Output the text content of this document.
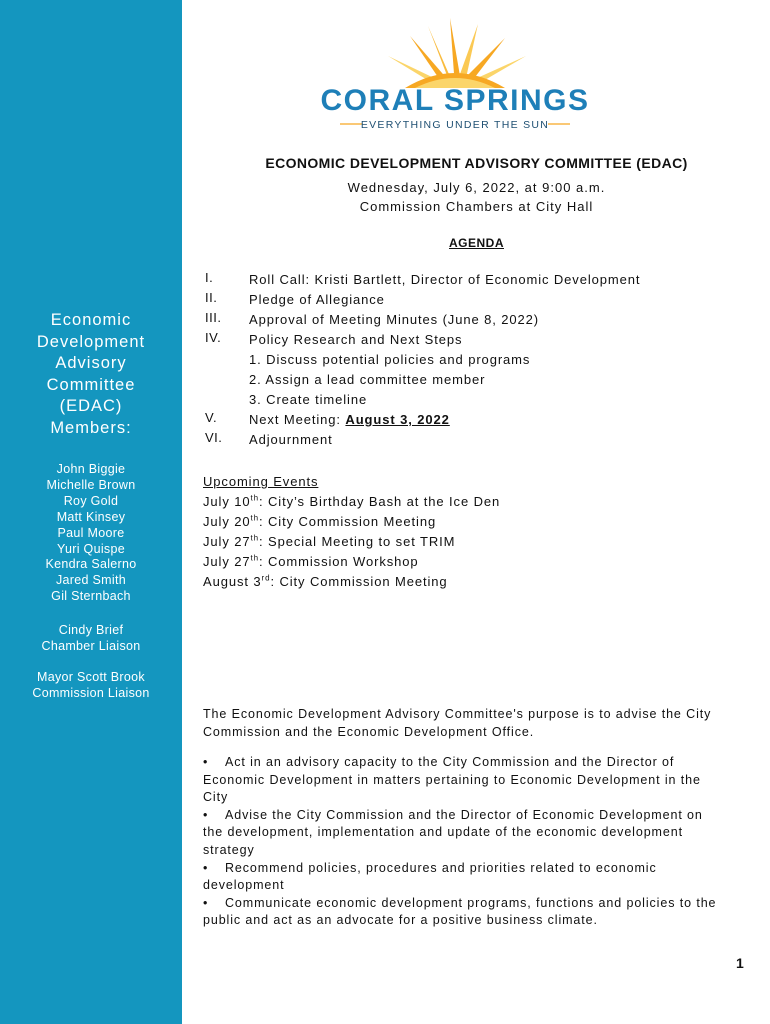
Economic
Development
Advisory
Committee
(EDAC)
Members:
John Biggie
Michelle Brown
Roy Gold
Matt Kinsey
Paul Moore
Yuri Quispe
Kendra Salerno
Jared Smith
Gil Sternbach
Cindy Brief
Chamber Liaison
Mayor Scott Brook
Commission Liaison
CORAL SPRINGS
EVERYTHING UNDER THE SUN
ECONOMIC DEVELOPMENT ADVISORY COMMITTEE (EDAC)
Wednesday, July 6, 2022, at 9:00 a.m.
Commission Chambers at City Hall
AGENDA
I.	Roll Call: Kristi Bartlett, Director of Economic Development
II. Pledge of Allegiance
III. Approval of Meeting Minutes (June 8, 2022)
IV. Policy Research and Next Steps
1. Discuss potential policies and programs
2. Assign a lead committee member
3. Create timeline
V. Next Meeting: August 3, 2022
VI. Adjournment
Upcoming Events
July 10th: City’s Birthday Bash at the Ice Den
July 20th: City Commission Meeting
July 27th: Special Meeting to set TRIM
July 27th: Commission Workshop
August 3rd: City Commission Meeting
The Economic Development Advisory Committee's purpose is to advise the City Commission and the Economic Development Office.

• Act in an advisory capacity to the City Commission and the Director of Economic Development in matters pertaining to Economic Development in the City

• Advise the City Commission and the Director of Economic Development on the development, implementation and update of the economic development strategy

• Recommend policies, procedures and priorities related to economic development

• Communicate economic development programs, functions and policies to the public and act as an advocate for a positive business climate.

1
